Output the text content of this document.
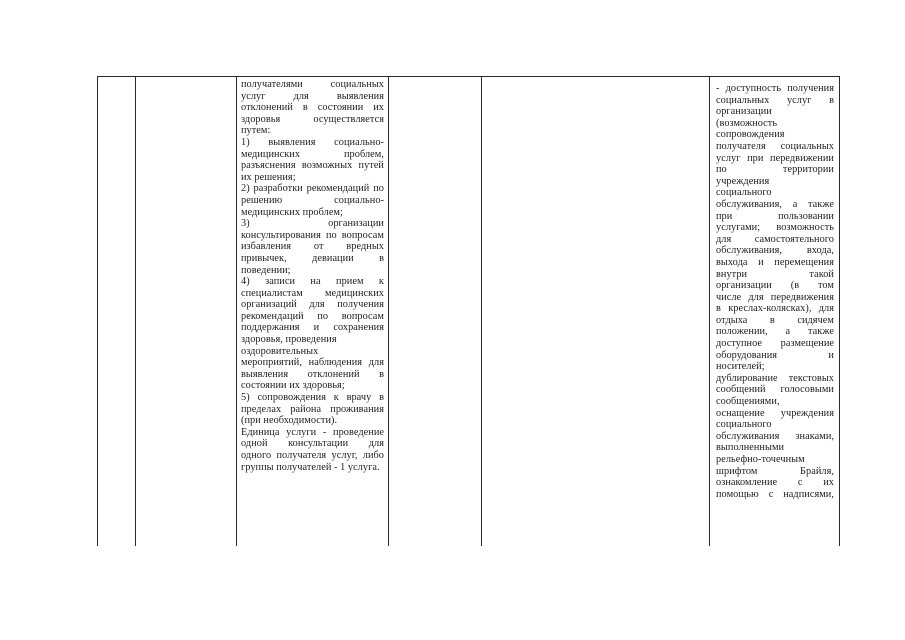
получателями социальных
услуг для выявления
отклонений в состоянии их
здоровья осуществляется
путем:
1) выявления социально-
медицинских проблем,
разъяснения возможных путей
их решения;
2) разработки рекомендаций по
решению социально-
медицинских проблем;
3) организации
консультирования по вопросам
избавления от вредных
привычек, девиации в
поведении;
4) записи на прием к
специалистам медицинских
организаций для получения
рекомендаций по вопросам
поддержания и сохранения
здоровья, проведения
оздоровительных
мероприятий, наблюдения для
выявления отклонений в
состоянии их здоровья;
5) сопровождения к врачу в
пределах района проживания
(при необходимости).
Единица услуги - проведение
одной консультации для
одного получателя услуг, либо
группы получателей - 1 услуга.
- доступность получения
социальных услуг в
организации
(возможность
сопровождения
получателя социальных
услуг при передвижении
по территории
учреждения
социального
обслуживания, а также
при пользовании
услугами; возможность
для самостоятельного
обслуживания, входа,
выхода и перемещения
внутри такой
организации (в том
числе для передвижения
в креслах-колясках), для
отдыха в сидячем
положении, а также
доступное размещение
оборудования и
носителей;
дублирование текстовых
сообщений голосовыми
сообщениями,
оснащение учреждения
социального
обслуживания знаками,
выполненными
рельефно-точечным
шрифтом Брайля,
ознакомление с их
помощью с надписями,
